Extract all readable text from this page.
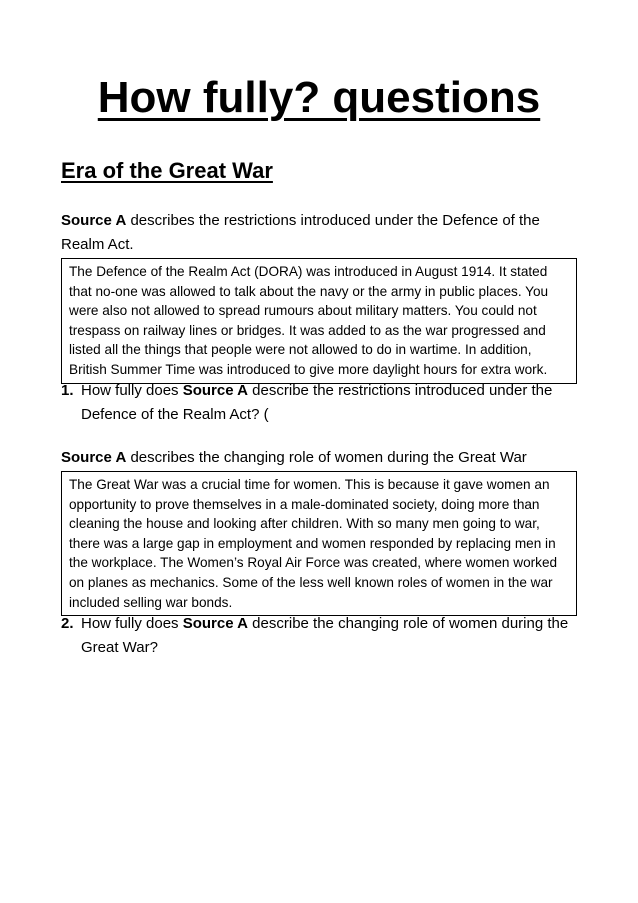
How fully? questions
Era of the Great War

Source A describes the restrictions introduced under the Defence of the Realm Act.

The Defence of the Realm Act (DORA) was introduced in August 1914. It stated that no-one was allowed to talk about the navy or the army in public places. You were also not allowed to spread rumours about military matters. You could not trespass on railway lines or bridges. It was added to as the war progressed and listed all the things that people were not allowed to do in wartime. In addition, British Summer Time was introduced to give more daylight hours for extra work.
1. How fully does Source A describe the restrictions introduced under the Defence of the Realm Act? (

Source A describes the changing role of women during the Great War

The Great War was a crucial time for women. This is because it gave women an opportunity to prove themselves in a male-dominated society, doing more than cleaning the house and looking after children. With so many men going to war, there was a large gap in employment and women responded by replacing men in the workplace. The Women’s Royal Air Force was created, where women worked on planes as mechanics. Some of the less well known roles of women in the war included selling war bonds.
2. How fully does Source A describe the changing role of women during the Great War?
